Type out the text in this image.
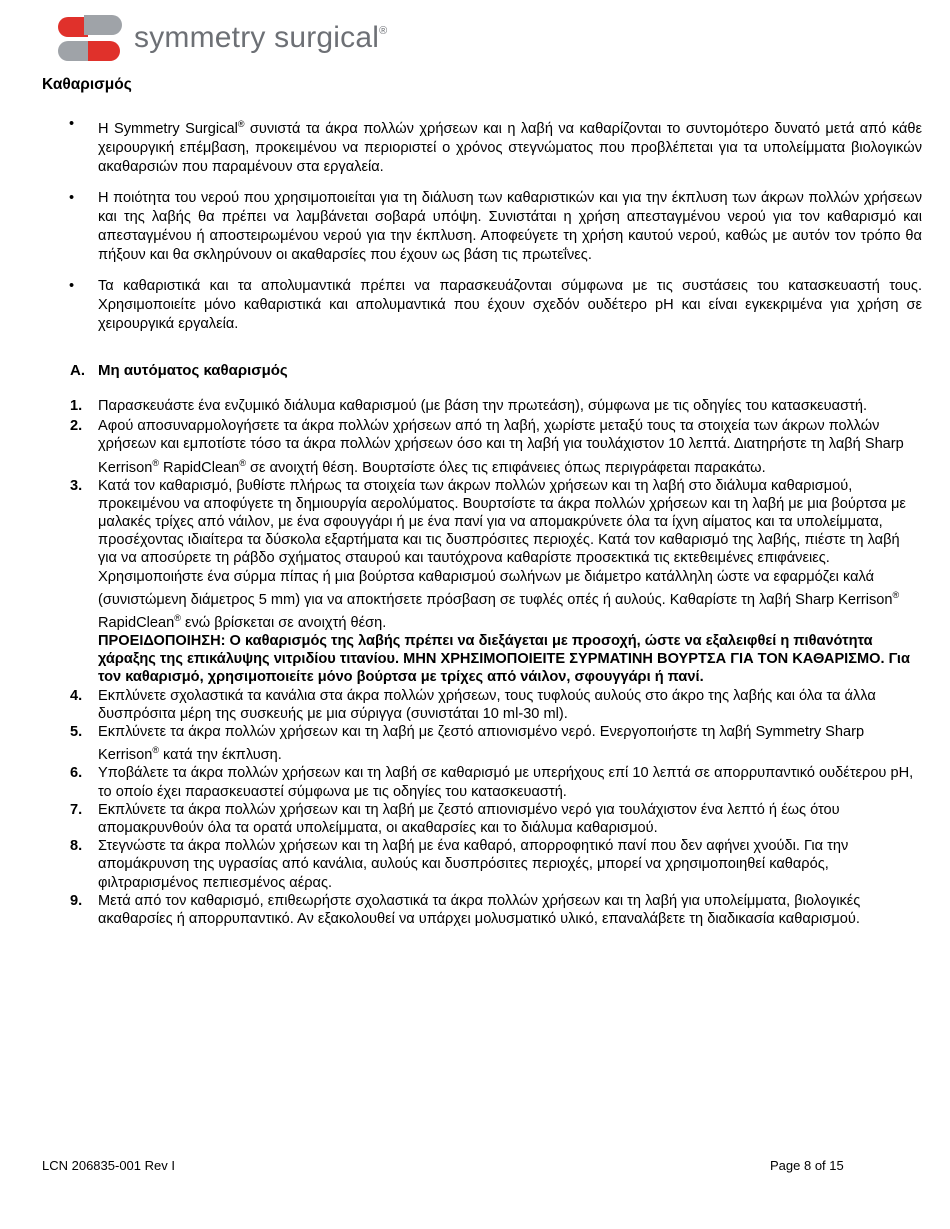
symmetry surgical®
Καθαρισμός
• Η Symmetry Surgical® συνιστά τα άκρα πολλών χρήσεων και η λαβή να καθαρίζονται το συντομότερο δυνατό μετά από κάθε χειρουργική επέμβαση, προκειμένου να περιοριστεί ο χρόνος στεγνώματος που προβλέπεται για τα υπολείμματα βιολογικών ακαθαρσιών που παραμένουν στα εργαλεία.
• Η ποιότητα του νερού που χρησιμοποιείται για τη διάλυση των καθαριστικών και για την έκπλυση των άκρων πολλών χρήσεων και της λαβής θα πρέπει να λαμβάνεται σοβαρά υπόψη. Συνιστάται η χρήση απεσταγμένου νερού για τον καθαρισμό και απεσταγμένου ή αποστειρωμένου νερού για την έκπλυση. Αποφεύγετε τη χρήση καυτού νερού, καθώς με αυτόν τον τρόπο θα πήξουν και θα σκληρύνουν οι ακαθαρσίες που έχουν ως βάση τις πρωτεΐνες.
• Τα καθαριστικά και τα απολυμαντικά πρέπει να παρασκευάζονται σύμφωνα με τις συστάσεις του κατασκευαστή τους. Χρησιμοποιείτε μόνο καθαριστικά και απολυμαντικά που έχουν σχεδόν ουδέτερο pH και είναι εγκεκριμένα για χρήση σε χειρουργικά εργαλεία.
A. Μη αυτόματος καθαρισμός
1. Παρασκευάστε ένα ενζυμικό διάλυμα καθαρισμού (με βάση την πρωτεάση), σύμφωνα με τις οδηγίες του κατασκευαστή.
2. Αφού αποσυναρμολογήσετε τα άκρα πολλών χρήσεων από τη λαβή, χωρίστε μεταξύ τους τα στοιχεία των άκρων πολλών χρήσεων και εμποτίστε τόσο τα άκρα πολλών χρήσεων όσο και τη λαβή για τουλάχιστον 10 λεπτά. Διατηρήστε τη λαβή Sharp Kerrison® RapidClean® σε ανοιχτή θέση. Βουρτσίστε όλες τις επιφάνειες όπως περιγράφεται παρακάτω.
3. Κατά τον καθαρισμό, βυθίστε πλήρως τα στοιχεία των άκρων πολλών χρήσεων και τη λαβή στο διάλυμα καθαρισμού, προκειμένου να αποφύγετε τη δημιουργία αερολύματος. Βουρτσίστε τα άκρα πολλών χρήσεων και τη λαβή με μια βούρτσα με μαλακές τρίχες από νάιλον, με ένα σφουγγάρι ή με ένα πανί για να απομακρύνετε όλα τα ίχνη αίματος και τα υπολείμματα, προσέχοντας ιδιαίτερα τα δύσκολα εξαρτήματα και τις δυσπρόσιτες περιοχές. Κατά τον καθαρισμό της λαβής, πιέστε τη λαβή για να αποσύρετε τη ράβδο σχήματος σταυρού και ταυτόχρονα καθαρίστε προσεκτικά τις εκτεθειμένες επιφάνειες. Χρησιμοποιήστε ένα σύρμα πίπας ή μια βούρτσα καθαρισμού σωλήνων με διάμετρο κατάλληλη ώστε να εφαρμόζει καλά (συνιστώμενη διάμετρος 5 mm) για να αποκτήσετε πρόσβαση σε τυφλές οπές ή αυλούς. Καθαρίστε τη λαβή Sharp Kerrison® RapidClean® ενώ βρίσκεται σε ανοιχτή θέση.
ΠΡΟΕΙΔΟΠΟΙΗΣΗ: Ο καθαρισμός της λαβής πρέπει να διεξάγεται με προσοχή, ώστε να εξαλειφθεί η πιθανότητα χάραξης της επικάλυψης νιτριδίου τιτανίου. ΜΗΝ ΧΡΗΣΙΜΟΠΟΙΕΙΤΕ ΣΥΡΜΑΤΙΝΗ ΒΟΥΡΤΣΑ ΓΙΑ ΤΟΝ ΚΑΘΑΡΙΣΜΟ. Για τον καθαρισμό, χρησιμοποιείτε μόνο βούρτσα με τρίχες από νάιλον, σφουγγάρι ή πανί.
4. Εκπλύνετε σχολαστικά τα κανάλια στα άκρα πολλών χρήσεων, τους τυφλούς αυλούς στο άκρο της λαβής και όλα τα άλλα δυσπρόσιτα μέρη της συσκευής με μια σύριγγα (συνιστάται 10 ml-30 ml).
5. Εκπλύνετε τα άκρα πολλών χρήσεων και τη λαβή με ζεστό απιονισμένο νερό. Ενεργοποιήστε τη λαβή Symmetry Sharp Kerrison® κατά την έκπλυση.
6. Υποβάλετε τα άκρα πολλών χρήσεων και τη λαβή σε καθαρισμό με υπερήχους επί 10 λεπτά σε απορρυπαντικό ουδέτερου pH, το οποίο έχει παρασκευαστεί σύμφωνα με τις οδηγίες του κατασκευαστή.
7. Εκπλύνετε τα άκρα πολλών χρήσεων και τη λαβή με ζεστό απιονισμένο νερό για τουλάχιστον ένα λεπτό ή έως ότου απομακρυνθούν όλα τα ορατά υπολείμματα, οι ακαθαρσίες και το διάλυμα καθαρισμού.
8. Στεγνώστε τα άκρα πολλών χρήσεων και τη λαβή με ένα καθαρό, απορροφητικό πανί που δεν αφήνει χνούδι. Για την απομάκρυνση της υγρασίας από κανάλια, αυλούς και δυσπρόσιτες περιοχές, μπορεί να χρησιμοποιηθεί καθαρός, φιλτραρισμένος πεπιεσμένος αέρας.
9. Μετά από τον καθαρισμό, επιθεωρήστε σχολαστικά τα άκρα πολλών χρήσεων και τη λαβή για υπολείμματα, βιολογικές ακαθαρσίες ή απορρυπαντικό. Αν εξακολουθεί να υπάρχει μολυσματικό υλικό, επαναλάβετε τη διαδικασία καθαρισμού.
LCN 206835-001 Rev I	Page 8 of 15
